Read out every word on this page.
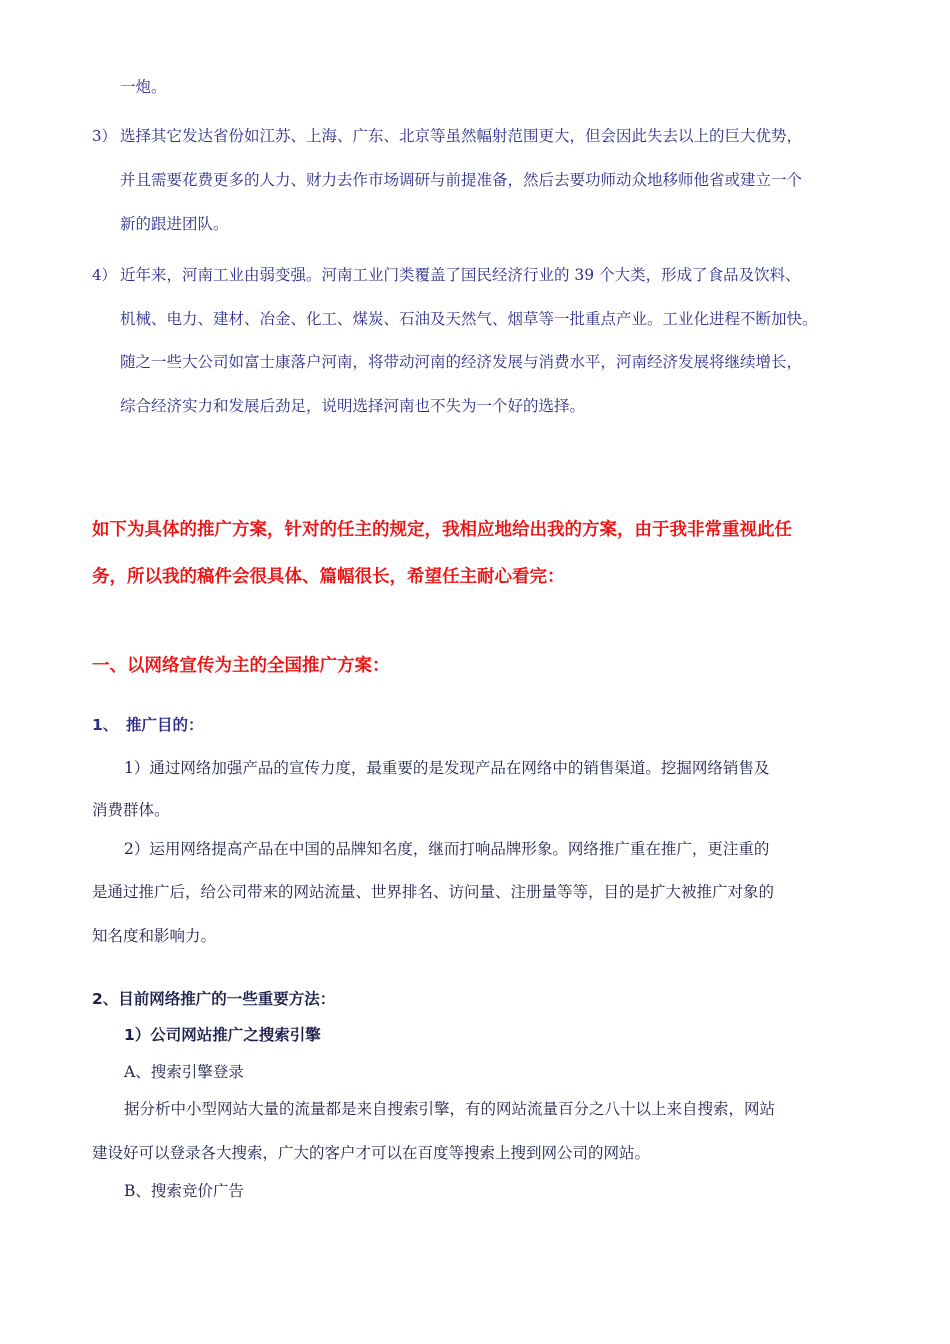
一炮。
3） 选择其它发达省份如江苏、上海、广东、北京等虽然幅射范围更大，但会因此失去以上的巨大优势，
并且需要花费更多的人力、财力去作市场调研与前提准备，然后去要功师动众地移师他省或建立一个
新的跟进团队。
4） 近年来，河南工业由弱变强。河南工业门类覆盖了国民经济行业的 39 个大类，形成了食品及饮料、
机械、电力、建材、冶金、化工、煤炭、石油及天然气、烟草等一批重点产业。工业化进程不断加快。
随之一些大公司如富士康落户河南，将带动河南的经济发展与消费水平，河南经济发展将继续增长，
综合经济实力和发展后劲足，说明选择河南也不失为一个好的选择。
如下为具体的推广方案，针对的任主的规定，我相应地给出我的方案，由于我非常重视此任
务，所以我的稿件会很具体、篇幅很长，希望任主耐心看完：
一、以网络宣传为主的全国推广方案：
1、 推广目的：
1）通过网络加强产品的宣传力度，最重要的是发现产品在网络中的销售渠道。挖掘网络销售及
消费群体。
2）运用网络提高产品在中国的品牌知名度，继而打响品牌形象。网络推广重在推广，更注重的
是通过推广后，给公司带来的网站流量、世界排名、访问量、注册量等等，目的是扩大被推广对象的
知名度和影响力。
2、目前网络推广的一些重要方法：
1）公司网站推广之搜索引擎
A、搜索引擎登录
据分析中小型网站大量的流量都是来自搜索引擎，有的网站流量百分之八十以上来自搜索，网站
建设好可以登录各大搜索，广大的客户才可以在百度等搜索上搜到网公司的网站。
B、搜索竞价广告
